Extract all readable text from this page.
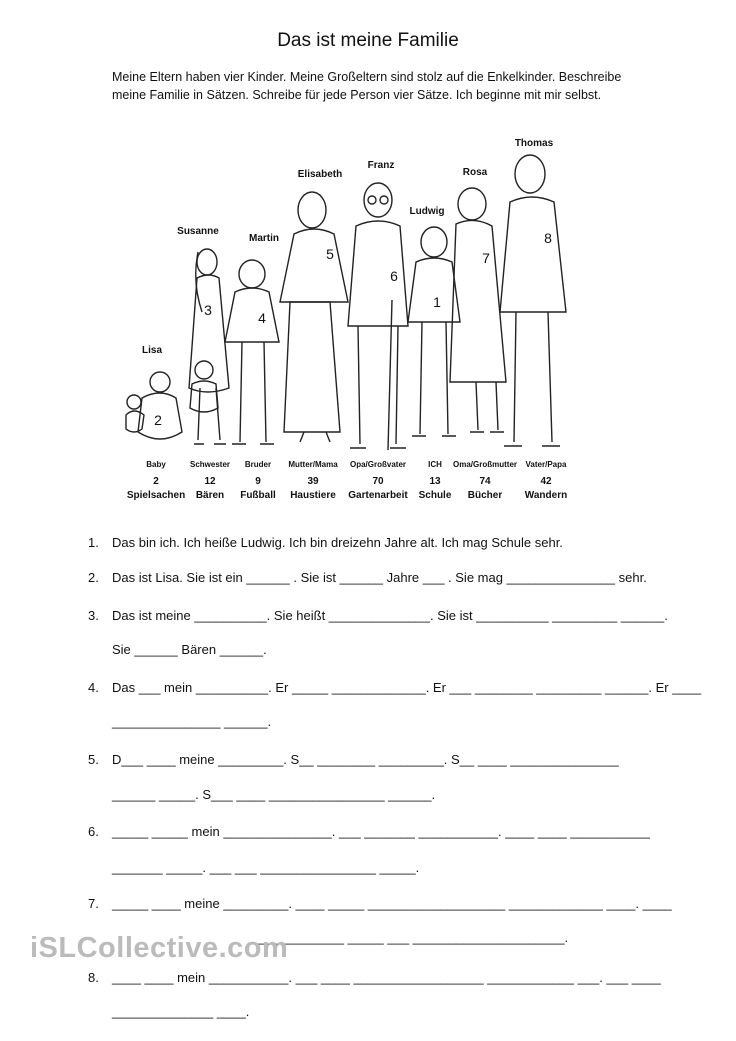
Das ist meine Familie
Meine Eltern haben vier Kinder. Meine Großeltern sind stolz auf die Enkelkinder. Beschreibe
meine Familie in Sätzen. Schreibe für jede Person vier Sätze. Ich beginne mit mir selbst.
2
3	4
5
6
1
7
8
Lisa
Susanne
Martin
Elisabeth
Franz
Ludwig
Rosa
Thomas
Baby	Schwester Bruder Mutter/Mama Opa/Großvater	ICH Oma/Großmutter Vater/Papa
2	12	9	39	70	13	74	42
Spielsachen Bären Fußball Haustiere Gartenarbeit Schule Bücher Wandern
1. Das bin ich. Ich heiße Ludwig. Ich bin dreizehn Jahre alt. Ich mag Schule sehr.
2. Das ist Lisa. Sie ist ein ______ . Sie ist ______ Jahre ___ . Sie mag _______________ sehr.
3. Das ist meine __________. Sie heißt ______________. Sie ist __________ _________ ______.
Sie ______ Bären ______.
4. Das ___ mein __________. Er _____ _____________. Er ___ ________ _________ ______. Er ____
_______________ ______.
5. D___ ____ meine _________. S__ ________ _________. S__ ____ _______________
______ _____. S___ ____ ________________ ______.
6. _____ _____ mein _______________. ___ _______ ___________. ____ ____ ___________
_______ _____. ___ ___ ________________ _____.
7. _____ ____ meine _________. ____ _____ ___________________ _____________ ____. ____
_____________ _____ ___ _____________________.
iSLCollective.com
8. ____ ____ mein ___________. ___ ____ __________________ ____________ ___. ___ ____
______________ ____.
